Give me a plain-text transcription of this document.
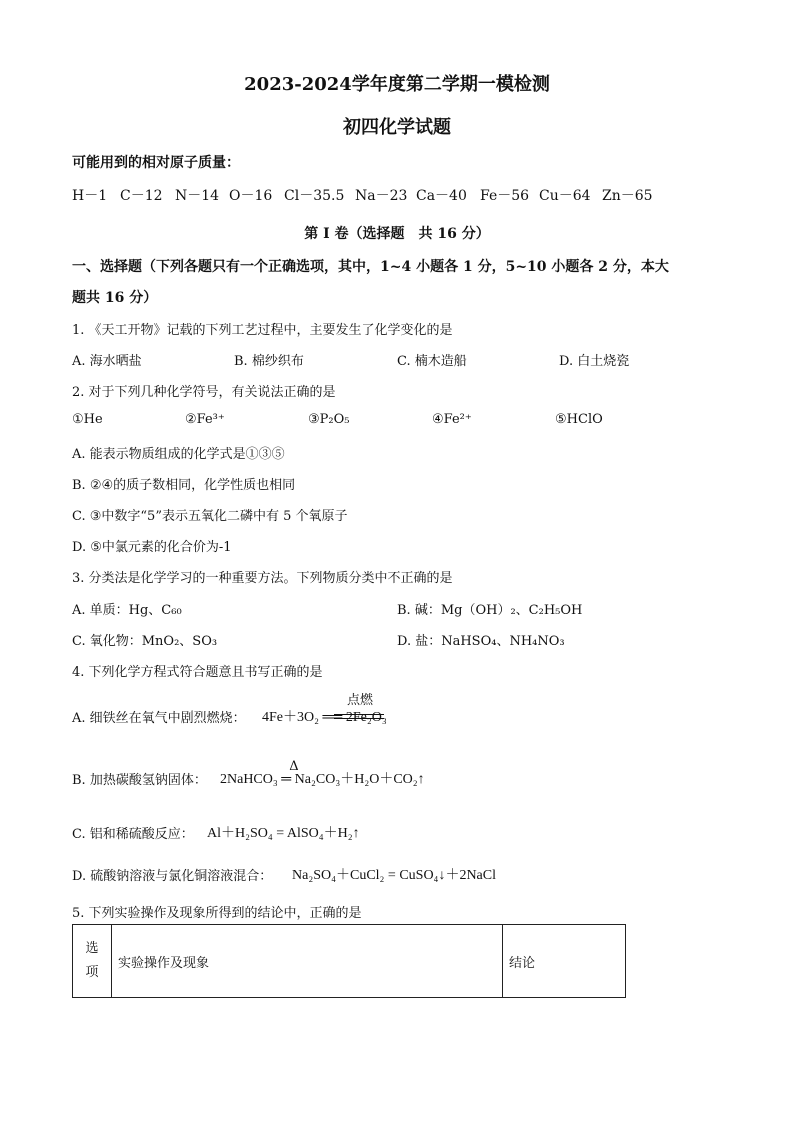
2023-2024学年度第二学期一模检测
初四化学试题
可能用到的相对原子质量：
H－1 C－12 N－14 O－16 Cl－35.5 Na－23 Ca－40 Fe－56 Cu－64 Zn－65
第 I 卷（选择题　共 16 分）
一、选择题（下列各题只有一个正确选项，其中，1~4 小题各 1 分，5~10 小题各 2 分，本大
题共 16 分）
1. 《天工开物》记载的下列工艺过程中，主要发生了化学变化的是
A. 海水晒盐	B. 棉纱织布	C. 楠木造船	D. 白土烧瓷
2. 对于下列几种化学符号，有关说法正确的是
①He	②Fe³⁺	③P₂O₅	④Fe²⁺	⑤HClO
A. 能表示物质组成的化学式是①③⑤
B. ②④的质子数相同，化学性质也相同
C. ③中数字“5”表示五氧化二磷中有 5 个氧原子
D. ⑤中氯元素的化合价为-1
3. 分类法是化学学习的一种重要方法。下列物质分类中不正确的是
A. 单质：Hg、C₆₀	B. 碱：Mg（OH）₂、C₂H₅OH
C. 氧化物：MnO₂、SO₃	D. 盐：NaHSO₄、NH₄NO₃
4. 下列化学方程式符合题意且书写正确的是
A. 细铁丝在氧气中剧烈燃烧：
点燃
4Fe＋3O₂ ══ 2Fe₂O₃
B. 加热碳酸氢钠固体：
Δ
2NaHCO₃ ═ Na₂CO₃＋H₂O＋CO₂↑
C. 铝和稀硫酸反应： Al＋H₂SO₄ = AlSO₄＋H₂↑
D. 硫酸钠溶液与氯化铜溶液混合： Na₂SO₄＋CuCl₂ = CuSO₄↓＋2NaCl
5. 下列实验操作及现象所得到的结论中，正确的是
选项	实验操作及现象	结论
